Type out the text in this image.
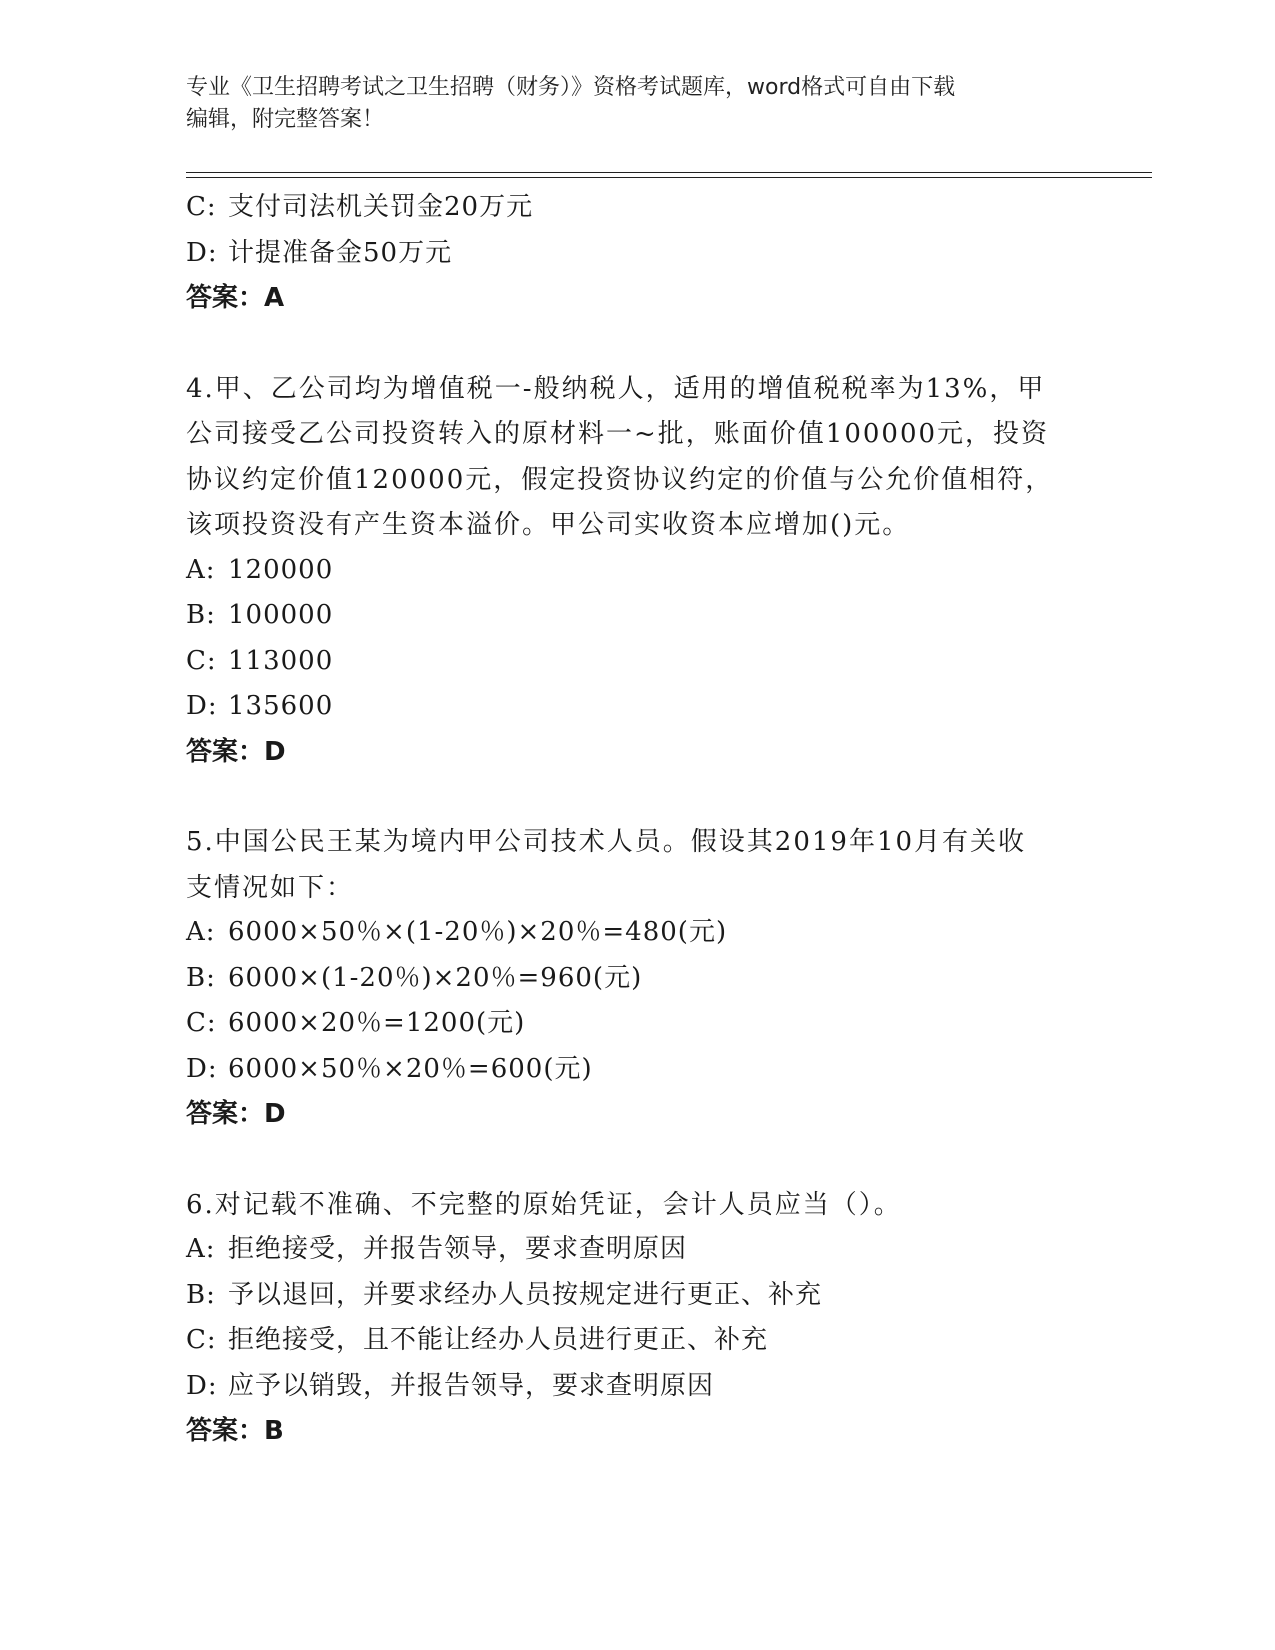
专业《卫生招聘考试之卫生招聘（财务）》资格考试题库，word格式可自由下载
编辑，附完整答案！
C: 支付司法机关罚金20万元
D: 计提准备金50万元
答案：A
4.甲、乙公司均为增值税一-般纳税人，适用的增值税税率为13%，甲
公司接受乙公司投资转入的原材料一~批，账面价值100000元，投资
协议约定价值120000元，假定投资协议约定的价值与公允价值相符，
该项投资没有产生资本溢价。甲公司实收资本应增加()元。
A: 120000
B: 100000
C: 113000
D: 135600
答案：D
5.中国公民王某为境内甲公司技术人员。假设其2019年10月有关收
支情况如下：
A: 6000×50％×(1-20％)×20％=480(元)
B: 6000×(1-20％)×20％=960(元)
C: 6000×20％=1200(元)
D: 6000×50％×20％=600(元)
答案：D
6.对记载不准确、不完整的原始凭证，会计人员应当（）。
A: 拒绝接受，并报告领导，要求查明原因
B: 予以退回，并要求经办人员按规定进行更正、补充
C: 拒绝接受，且不能让经办人员进行更正、补充
D: 应予以销毁，并报告领导，要求查明原因
答案：B
